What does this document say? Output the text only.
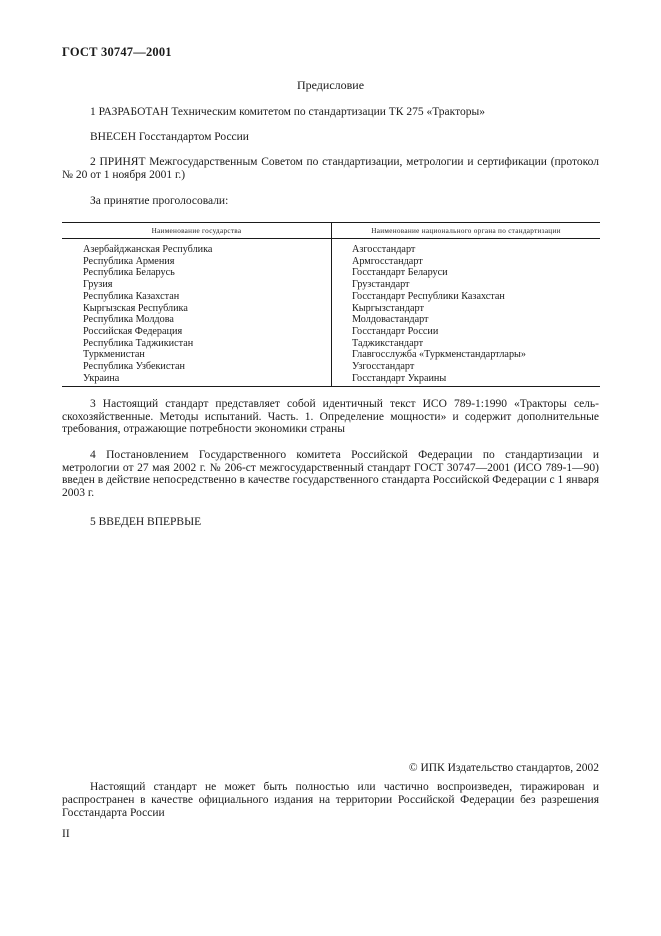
ГОСТ 30747—2001
Предисловие
1 РАЗРАБОТАН Техническим комитетом по стандартизации ТК 275 «Тракторы»
ВНЕСЕН Госстандартом России
2 ПРИНЯТ Межгосударственным Советом по стандартизации, метрологии и сертификации (протокол № 20 от 1 ноября 2001 г.)
За принятие проголосовали:
Наименование государства	Наименование национального органа по стандартизации
Азербайджанская Республика	Азгосстандарт
Республика Армения	Армгосстандарт
Республика Беларусь	Госстандарт Беларуси
Грузия	Грузстандарт
Республика Казахстан	Госстандарт Республики Казахстан
Кыргызская Республика	Кыргызстандарт
Республика Молдова	Молдовастандарт
Российская Федерация	Госстандарт России
Республика Таджикистан	Таджикстандарт
Туркменистан	Главгосслужба «Туркменстандартлары»
Республика Узбекистан	Узгосстандарт
Украина	Госстандарт Украины
3 Настоящий стандарт представляет собой идентичный текст ИСО 789-1:1990 «Тракторы сельскохозяйственные. Методы испытаний. Часть. 1. Определение мощности» и содержит дополнительные требования, отражающие потребности экономики страны
4 Постановлением Государственного комитета Российской Федерации по стандартизации и метрологии от 27 мая 2002 г. № 206-ст межгосударственный стандарт ГОСТ 30747—2001 (ИСО 789-1—90) введен в действие непосредственно в качестве государственного стандарта Российской Федерации с 1 января 2003 г.
5 ВВЕДЕН ВПЕРВЫЕ
© ИПК Издательство стандартов, 2002
Настоящий стандарт не может быть полностью или частично воспроизведен, тиражирован и распространен в качестве официального издания на территории Российской Федерации без разрешения Госстандарта России
II
